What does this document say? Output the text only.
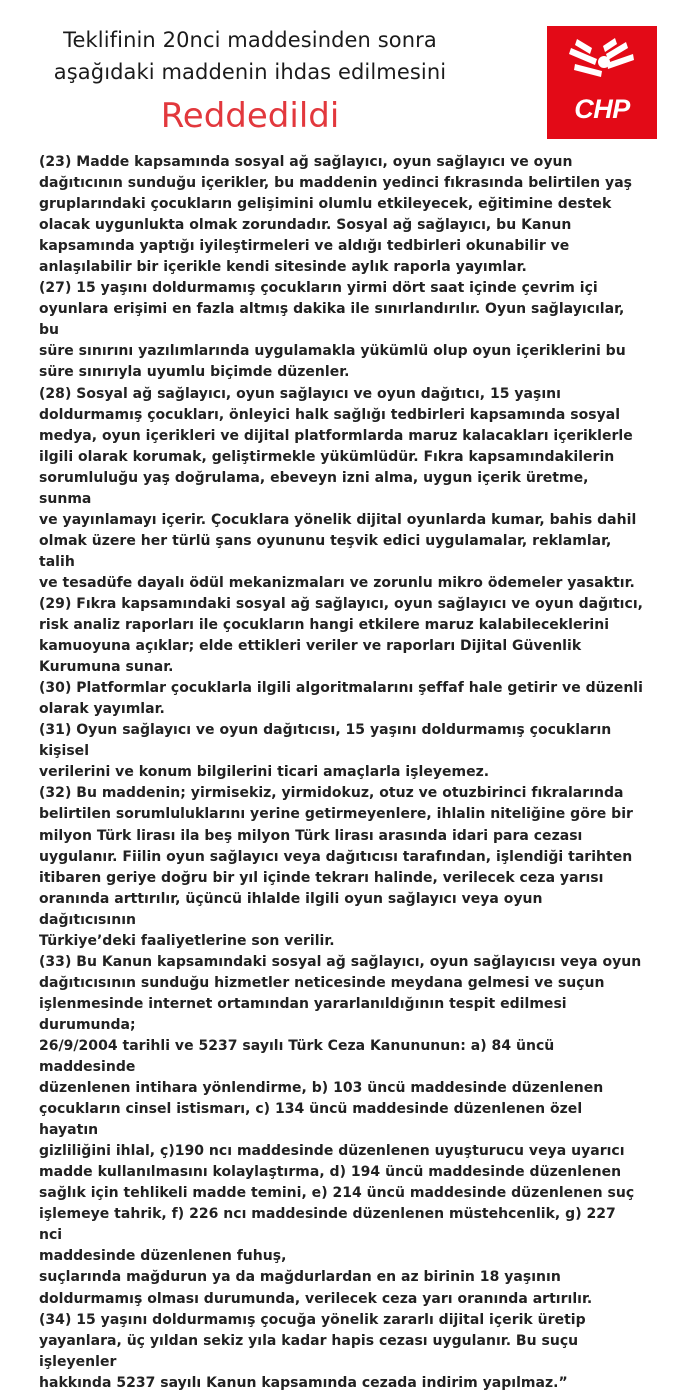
Teklifinin 20nci maddesinden sonra
aşağıdaki maddenin ihdas edilmesini
Reddedildi	CHP

(23) Madde kapsamında sosyal ağ sağlayıcı, oyun sağlayıcı ve oyun
dağıtıcının sunduğu içerikler, bu maddenin yedinci fıkrasında belirtilen yaş
gruplarındaki çocukların gelişimini olumlu etkileyecek, eğitimine destek
olacak uygunlukta olmak zorundadır. Sosyal ağ sağlayıcı, bu Kanun
kapsamında yaptığı iyileştirmeleri ve aldığı tedbirleri okunabilir ve
anlaşılabilir bir içerikle kendi sitesinde aylık raporla yayımlar.

(27) 15 yaşını doldurmamış çocukların yirmi dört saat içinde çevrim içi
oyunlara erişimi en fazla altmış dakika ile sınırlandırılır. Oyun sağlayıcılar, bu
süre sınırını yazılımlarında uygulamakla yükümlü olup oyun içeriklerini bu
süre sınırıyla uyumlu biçimde düzenler.

(28) Sosyal ağ sağlayıcı, oyun sağlayıcı ve oyun dağıtıcı, 15 yaşını
doldurmamış çocukları, önleyici halk sağlığı tedbirleri kapsamında sosyal
medya, oyun içerikleri ve dijital platformlarda maruz kalacakları içeriklerle
ilgili olarak korumak, geliştirmekle yükümlüdür. Fıkra kapsamındakilerin
sorumluluğu yaş doğrulama, ebeveyn izni alma, uygun içerik üretme, sunma
ve yayınlamayı içerir. Çocuklara yönelik dijital oyunlarda kumar, bahis dahil
olmak üzere her türlü şans oyununu teşvik edici uygulamalar, reklamlar, talih
ve tesadüfe dayalı ödül mekanizmaları ve zorunlu mikro ödemeler yasaktır.

(29) Fıkra kapsamındaki sosyal ağ sağlayıcı, oyun sağlayıcı ve oyun dağıtıcı,
risk analiz raporları ile çocukların hangi etkilere maruz kalabileceklerini
kamuoyuna açıklar; elde ettikleri veriler ve raporları Dijital Güvenlik
Kurumuna sunar.

(30) Platformlar çocuklarla ilgili algoritmalarını şeffaf hale getirir ve düzenli
olarak yayımlar.

(31) Oyun sağlayıcı ve oyun dağıtıcısı, 15 yaşını doldurmamış çocukların kişisel
verilerini ve konum bilgilerini ticari amaçlarla işleyemez.

(32) Bu maddenin; yirmisekiz, yirmidokuz, otuz ve otuzbirinci fıkralarında
belirtilen sorumluluklarını yerine getirmeyenlere, ihlalin niteliğine göre bir
milyon Türk lirası ila beş milyon Türk lirası arasında idari para cezası
uygulanır. Fiilin oyun sağlayıcı veya dağıtıcısı tarafından, işlendiği tarihten
itibaren geriye doğru bir yıl içinde tekrarı halinde, verilecek ceza yarısı
oranında arttırılır, üçüncü ihlalde ilgili oyun sağlayıcı veya oyun dağıtıcısının
Türkiye’deki faaliyetlerine son verilir.

(33) Bu Kanun kapsamındaki sosyal ağ sağlayıcı, oyun sağlayıcısı veya oyun
dağıtıcısının sunduğu hizmetler neticesinde meydana gelmesi ve suçun
işlenmesinde internet ortamından yararlanıldığının tespit edilmesi
durumunda;

26/9/2004 tarihli ve 5237 sayılı Türk Ceza Kanununun: a) 84 üncü maddesinde
düzenlenen intihara yönlendirme, b) 103 üncü maddesinde düzenlenen
çocukların cinsel istismarı, c) 134 üncü maddesinde düzenlenen özel hayatın
gizliliğini ihlal, ç)190 ncı maddesinde düzenlenen uyuşturucu veya uyarıcı
madde kullanılmasını kolaylaştırma, d) 194 üncü maddesinde düzenlenen
sağlık için tehlikeli madde temini, e) 214 üncü maddesinde düzenlenen suç
işlemeye tahrik, f) 226 ncı maddesinde düzenlenen müstehcenlik, g) 227 nci
maddesinde düzenlenen fuhuş,

suçlarında mağdurun ya da mağdurlardan en az birinin 18 yaşının
doldurmamış olması durumunda, verilecek ceza yarı oranında artırılır.

(34) 15 yaşını doldurmamış çocuğa yönelik zararlı dijital içerik üretip
yayanlara, üç yıldan sekiz yıla kadar hapis cezası uygulanır. Bu suçu işleyenler
hakkında 5237 sayılı Kanun kapsamında cezada indirim yapılmaz.”
